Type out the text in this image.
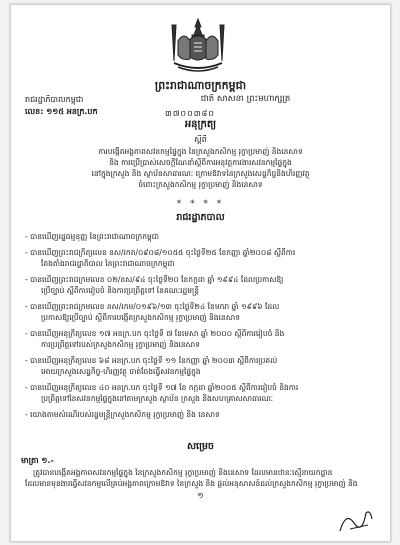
ព្រះរាជាណាចក្រកម្ពុជា
រាជរដ្ឋាភិបាលកម្ពុជា	ជាតិ សាសនា ព្រះមហាក្សត្រ
លេខ: ១១៥ អនក្រ.បក	៣៧០០៣៨០
អនុក្រឹត្យ
ស្តីពី
ការបង្កើតអង្គភាពសវនកម្មផ្ទៃក្នុង នៃក្រសួងកសិកម្ម រុក្ខាប្រមាញ់ និងនេសាទ
និង ការប្រើប្រាស់សេចក្តីណែនាំស្តីពីការអនុវត្តការងារសវនកម្មផ្ទៃក្នុង
នៅក្នុងក្រសួង និង ស្ថាប័នសាធារណៈ ក្រោមឱវាទនៃក្រសួងសេដ្ឋកិច្ចនិងហិរញ្ញវត្ថុ
ចំពោះក្រសួងកសិកម្ម រុក្ខាប្រមាញ់ និងនេសាទ
* * * *
រាជរដ្ឋាភិបាល
- បានឃើញរដ្ឋធម្មនុញ្ញ នៃព្រះរាជាណាចក្រកម្ពុជា
- បានឃើញព្រះរាជក្រឹត្យលេខ នស/រកត/០៩០៨/១០៥៥ ចុះថ្ងៃទី២៥ ខែកញ្ញា ឆ្នាំ២០០៨ ស្តីពីការ
តែងតាំងរាជរដ្ឋាភិបាល នៃព្រះរាជាណាចក្រកម្ពុជា
- បានឃើញព្រះរាជក្រមលេខ ០២/នស/៩៤ ចុះថ្ងៃទី២០ ខែកក្កដា ឆ្នាំ ១៩៩៤ ដែលប្រកាសឱ្យ
ប្រើច្បាប់ ស្តីពីការរៀបចំ និងការប្រព្រឹត្តទៅ នៃគណៈរដ្ឋមន្ត្រី
- បានឃើញព្រះរាជក្រមលេខ នស/រកម/០១៩៦/១៣ ចុះថ្ងៃទី២៤ ខែមករា ឆ្នាំ ១៩៩៦ ដែល
ប្រកាសឱ្យប្រើច្បាប់ ស្តីពីការបង្កើតក្រសួងកសិកម្ម រុក្ខាប្រមាញ់ និងនេសាទ
- បានឃើញអនុក្រឹត្យលេខ ១៧ អនក្រ.បក ចុះថ្ងៃទី ៧ ខែមេសា ឆ្នាំ ២០០០ ស្តីពីការរៀបចំ និង
ការប្រព្រឹត្តទៅរបស់ក្រសួងកសិកម្ម រុក្ខាប្រមាញ់ និងនេសាទ
- បានឃើញអនុក្រឹត្យលេខ ៦៨ អនក្រ.បក ចុះថ្ងៃទី ១១ ខែកញ្ញា ឆ្នាំ ២០០៣ ស្តីពីការប្រគល់
អោយក្រសួងសេដ្ឋកិច្ច-ហិរញ្ញវត្ថុ ចាត់ចែងធ្វើសវនកម្មផ្ទៃក្នុង
- បានឃើញអនុក្រឹត្យលេខ ៤០ អនក្រ.បក ចុះថ្ងៃទី ១៧ ខែ កក្កដា ឆ្នាំ២០០៥ ស្តីពីការរៀបចំ និងការ
ប្រព្រឹត្តទៅនៃសវនកម្មផ្ទៃក្នុងនៅតាមក្រសួង ស្ថាប័ន ក្រសួង និងសហគ្រាសសាធារណៈ
- យោងតាមសំណើរបស់រដ្ឋមន្ត្រីក្រសួងកសិកម្ម រុក្ខាប្រមាញ់ និង នេសាទ
សម្រេច
មាត្រា ១.-
ត្រូវបានបង្កើតអង្គភាពសវនកម្មផ្ទៃក្នុង នៃក្រសួងកសិកម្ម រុក្ខាប្រមាញ់ និងនេសាទ ដែលមានឋានៈស្មើនាយកដ្ឋាន
ដែលមានមុខងារធ្វើសវនកម្មលើគ្រប់អង្គភាពក្រោមឱវាទ នៃក្រសួង និង ផ្តល់អនុសាសន៍ដល់ក្រសួងកសិកម្ម រុក្ខាប្រមាញ់ និង
១
